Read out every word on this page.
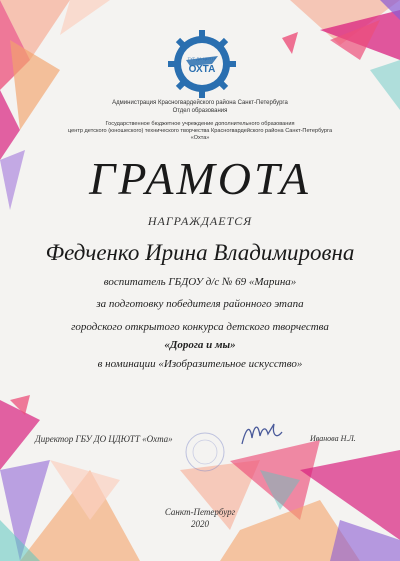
ТУТ ДА ЦЕНТР
ОХТА
Администрация Красногвардейского района Санкт-Петербурга
Отдел образования
Государственное бюджетное учреждение дополнительного образования
центр детского (юношеского) технического творчества Красногвардейского района Санкт-Петербурга
«Охта»
ГРАМОТА
НАГРАЖДАЕТСЯ
Федченко Ирина Владимировна
воспитатель ГБДОУ д/с № 69 «Марина»
за подготовку победителя районного этапа
городского открытого конкурса детского творчества
«Дорога и мы»
в номинации «Изобразительное искусство»
Директор ГБУ ДО ЦДЮТТ «Охта»	Иванова Н.Л.
Санкт-Петербург
2020
